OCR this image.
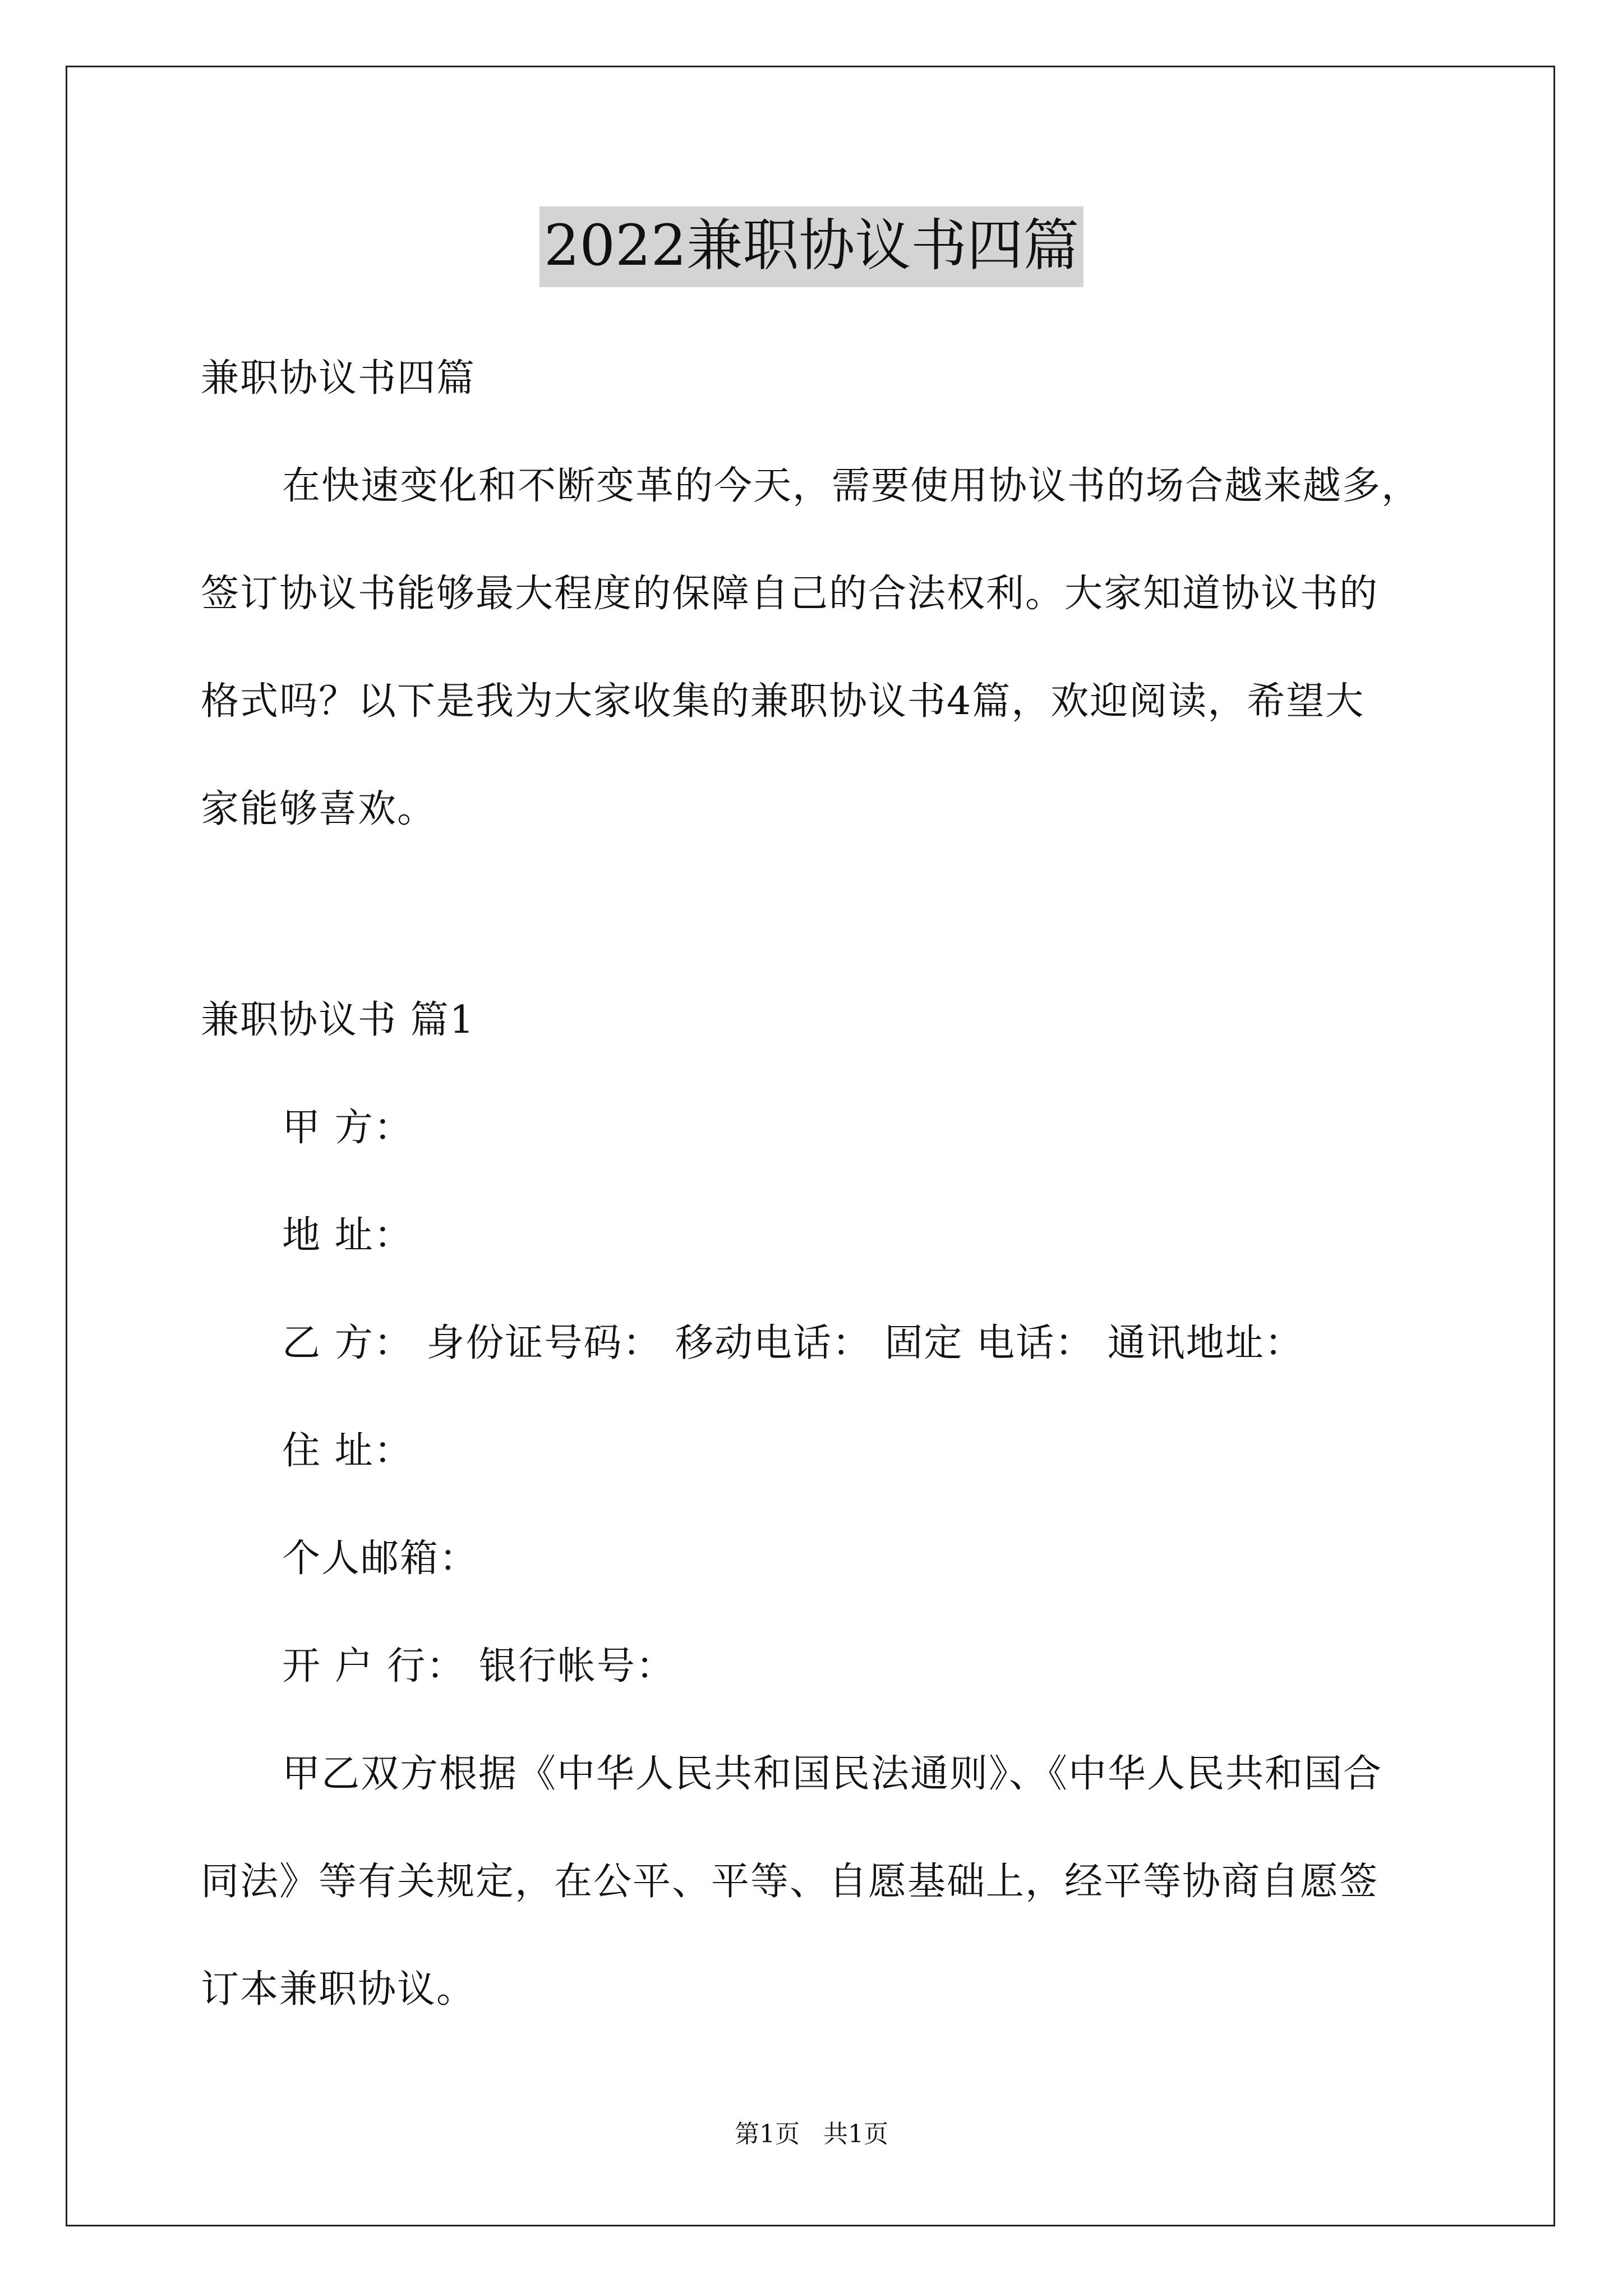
2022兼职协议书四篇
兼职协议书四篇
在快速变化和不断变革的今天，需要使用协议书的场合越来越多，
签订协议书能够最大程度的保障自己的合法权利。大家知道协议书的
格式吗？以下是我为大家收集的兼职协议书4篇，欢迎阅读，希望大
家能够喜欢。
兼职协议书 篇1
甲 方：
地 址：
乙 方： 身份证号码： 移动电话： 固定 电话： 通讯地址：
住 址：
个人邮箱：
开 户 行： 银行帐号：
甲乙双方根据《中华人民共和国民法通则》、《中华人民共和国合
同法》等有关规定，在公平、平等、自愿基础上，经平等协商自愿签
订本兼职协议。
第1页   共1页
